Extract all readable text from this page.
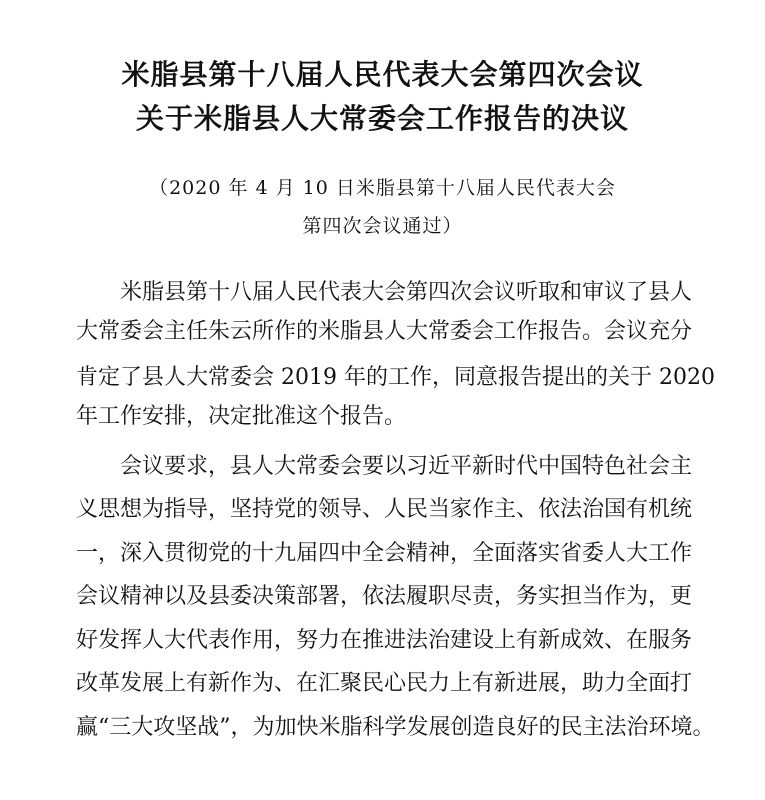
米脂县第十八届人民代表大会第四次会议
关于米脂县人大常委会工作报告的决议

（2020 年 4 月 10 日米脂县第十八届人民代表大会

第四次会议通过）

米脂县第十八届人民代表大会第四次会议听取和审议了县人

大常委会主任朱云所作的米脂县人大常委会工作报告。会议充分

肯定了县人大常委会 2019 年的工作，同意报告提出的关于 2020

年工作安排，决定批准这个报告。

会议要求，县人大常委会要以习近平新时代中国特色社会主

义思想为指导，坚持党的领导、人民当家作主、依法治国有机统

一，深入贯彻党的十九届四中全会精神，全面落实省委人大工作

会议精神以及县委决策部署，依法履职尽责，务实担当作为，更

好发挥人大代表作用，努力在推进法治建设上有新成效、在服务

改革发展上有新作为、在汇聚民心民力上有新进展，助力全面打

赢“三大攻坚战”，为加快米脂科学发展创造良好的民主法治环境。
